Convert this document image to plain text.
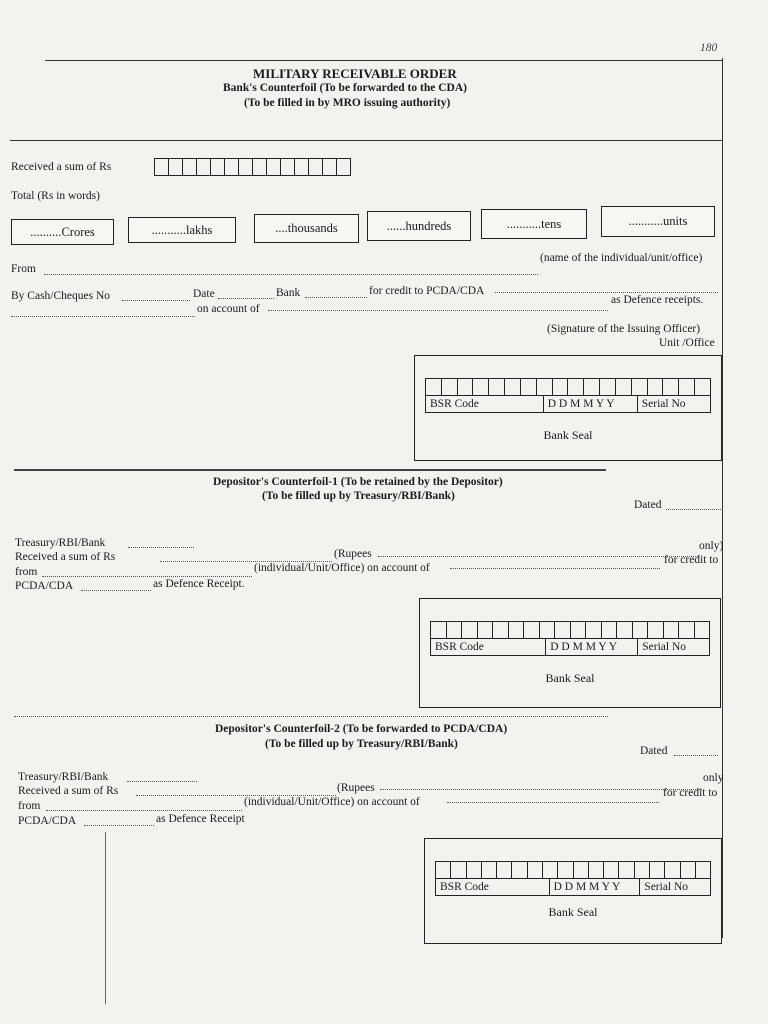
180
MILITARY RECEIVABLE ORDER
Bank's Counterfoil (To be forwarded to the CDA)
(To be filled in by MRO issuing authority)
Received a sum of Rs
Total (Rs in words)
..........Crores	...........lakhs	....thousands	......hundreds	...........tens	...........units
From
(name of the individual/unit/office)
By Cash/Cheques No	Date	Bank	for credit to PCDA/CDA
on account of
as Defence receipts.
(Signature of the Issuing Officer)
Unit /Office
BSR Code	D D M M Y Y	Serial No
Bank Seal
Depositor's Counterfoil-1 (To be retained by the Depositor)
(To be filled up by Treasury/RBI/Bank)
Dated
Treasury/RBI/Bank
Received a sum of Rs	(Rupees
only)
from	(individual/Unit/Office) on account of
for credit to
PCDA/CDA	as Defence Receipt.
BSR Code	D D M M Y Y	Serial No
Bank Seal
Depositor's Counterfoil-2 (To be forwarded to PCDA/CDA)
(To be filled up by Treasury/RBI/Bank)
Dated
Treasury/RBI/Bank
Received a sum of Rs	(Rupees
only
from	(individual/Unit/Office) on account of
for credit to
PCDA/CDA	as Defence Receipt
BSR Code	D D M M Y Y	Serial No
Bank Seal
